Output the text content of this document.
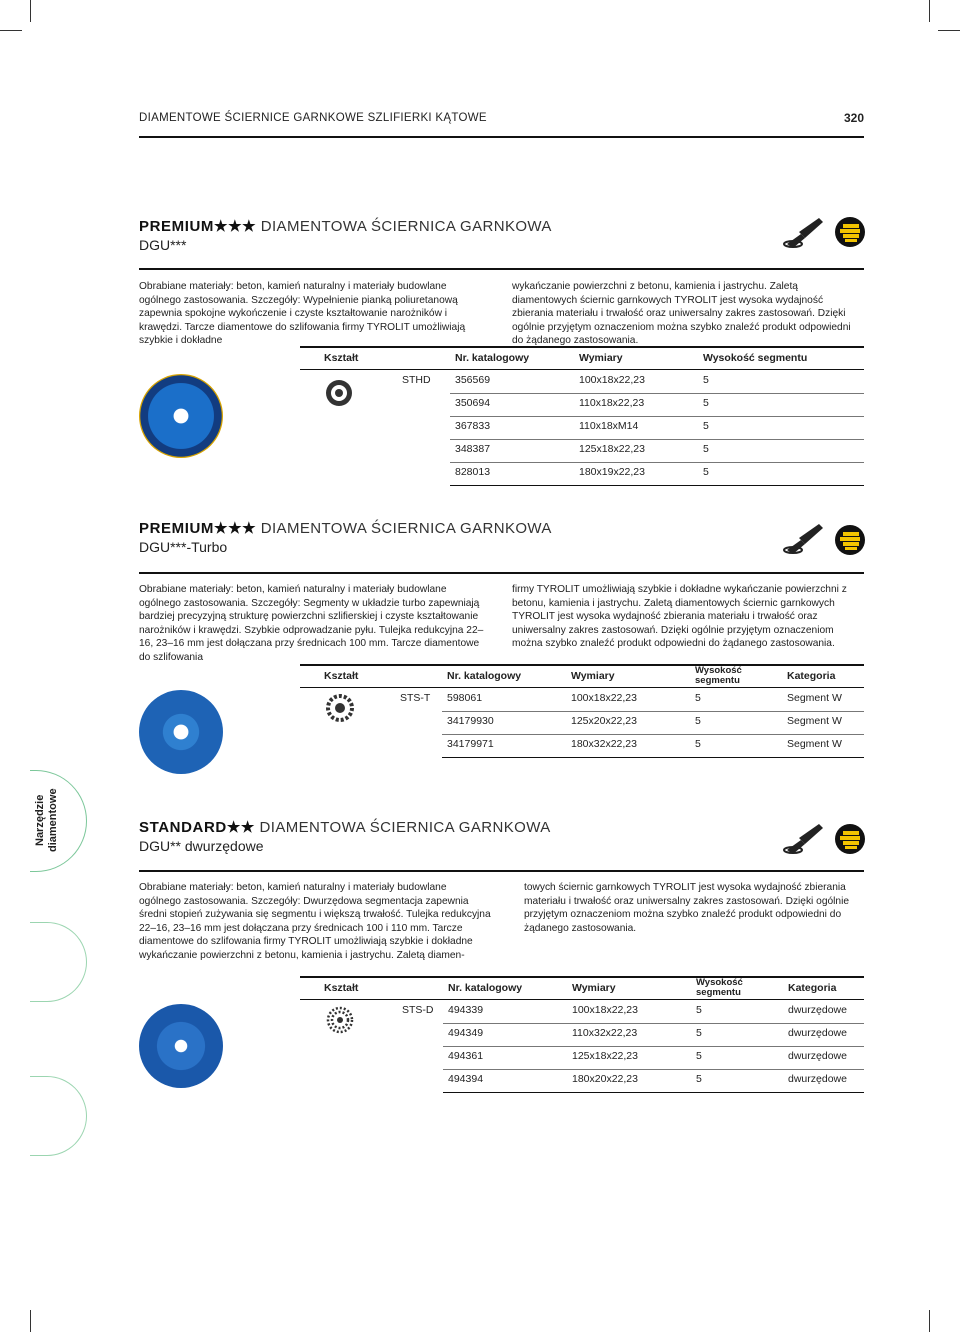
DIAMENTOWE ŚCIERNICE GARNKOWE SZLIFIERKI KĄTOWE	320
Narzędzie diamentowe
PREMIUM★★★ DIAMENTOWA ŚCIERNICA GARNKOWA
DGU***
Obrabiane materiały: beton, kamień naturalny i materiały budowlane ogólnego zastosowania. Szczegóły: Wypełnienie pianką poliuretanową zapewnia spokojne wykończenie i czyste kształtowanie narożników i krawędzi. Tarcze diamentowe do szlifowania firmy TYROLIT umożliwiają szybkie i dokładne
wykańczanie powierzchni z betonu, kamienia i jastrychu. Zaletą diamentowych ściernic garnkowych TYROLIT jest wysoka wydajność zbierania materiału i trwałość oraz uniwersalny zakres zastosowań. Dzięki ogólnie przyjętym oznaczeniom można szybko znaleźć produkt odpowiedni do żądanego zastosowania.
Kształt	Nr. katalogowy	Wymiary	Wysokość segmentu
STHD 356569	100x18x22,23	5
350694	110x18x22,23	5
367833	110x18xM14	5
348387	125x18x22,23	5
828013	180x19x22,23	5
PREMIUM★★★ DIAMENTOWA ŚCIERNICA GARNKOWA
DGU***-Turbo
Obrabiane materiały: beton, kamień naturalny i materiały budowlane ogólnego zastosowania. Szczegóły: Segmenty w układzie turbo zapewniają bardziej precyzyjną strukturę powierzchni szlifierskiej i czyste kształtowanie narożników i krawędzi. Szybkie odprowadzanie pyłu. Tulejka redukcyjna 22–16, 23–16 mm jest dołączana przy średnicach 100 mm. Tarcze diamentowe do szlifowania
firmy TYROLIT umożliwiają szybkie i dokładne wykańczanie powierzchni z betonu, kamienia i jastrychu. Zaletą diamentowych ściernic garnkowych TYROLIT jest wysoka wydajność zbierania materiału i trwałość oraz uniwersalny zakres zastosowań. Dzięki ogólnie przyjętym oznaczeniom można szybko znaleźć produkt odpowiedni do żądanego zastosowania.
Kształt	Nr. katalogowy	Wymiary	Wysokość segmentu	Kategoria
STS-T 598061	100x18x22,23	5	Segment W
34179930	125x20x22,23	5	Segment W
34179971	180x32x22,23	5	Segment W
STANDARD★★ DIAMENTOWA ŚCIERNICA GARNKOWA
DGU** dwurzędowe
Obrabiane materiały: beton, kamień naturalny i materiały budowlane ogólnego zastosowania. Szczegóły: Dwurzędowa segmentacja zapewnia średni stopień zużywania się segmentu i większą trwałość. Tulejka redukcyjna 22–16, 23–16 mm jest dołączana przy średnicach 100 i 110 mm. Tarcze diamentowe do szlifowania firmy TYROLIT umożliwiają szybkie i dokładne wykańczanie powierzchni z betonu, kamienia i jastrychu. Zaletą diamen-
towych ściernic garnkowych TYROLIT jest wysoka wydajność zbierania materiału i trwałość oraz uniwersalny zakres zastosowań. Dzięki ogólnie przyjętym oznaczeniom można szybko znaleźć produkt odpowiedni do żądanego zastosowania.
Kształt	Nr. katalogowy	Wymiary	Wysokość segmentu	Kategoria
STS-D 494339	100x18x22,23	5	dwurzędowe
494349	110x32x22,23	5	dwurzędowe
494361	125x18x22,23	5	dwurzędowe
494394	180x20x22,23	5	dwurzędowe
